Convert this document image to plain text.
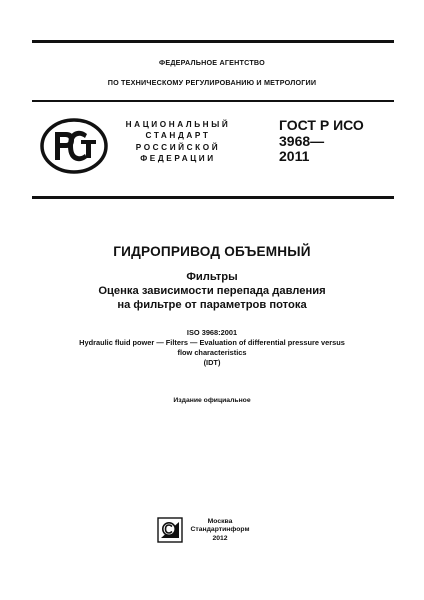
ФЕДЕРАЛЬНОЕ АГЕНТСТВО
ПО ТЕХНИЧЕСКОМУ РЕГУЛИРОВАНИЮ И МЕТРОЛОГИИ
НАЦИОНАЛЬНЫЙ
СТАНДАРТ
РОССИЙСКОЙ
ФЕДЕРАЦИИ
ГОСТ Р ИСО
3968—
2011
ГИДРОПРИВОД ОБЪЕМНЫЙ
Фильтры
Оценка зависимости перепада давления
на фильтре от параметров потока
ISO 3968:2001
Hydraulic fluid power — Filters — Evaluation of differential pressure versus
flow characteristics
(IDT)
Издание официальное
Москва
Стандартинформ
2012
